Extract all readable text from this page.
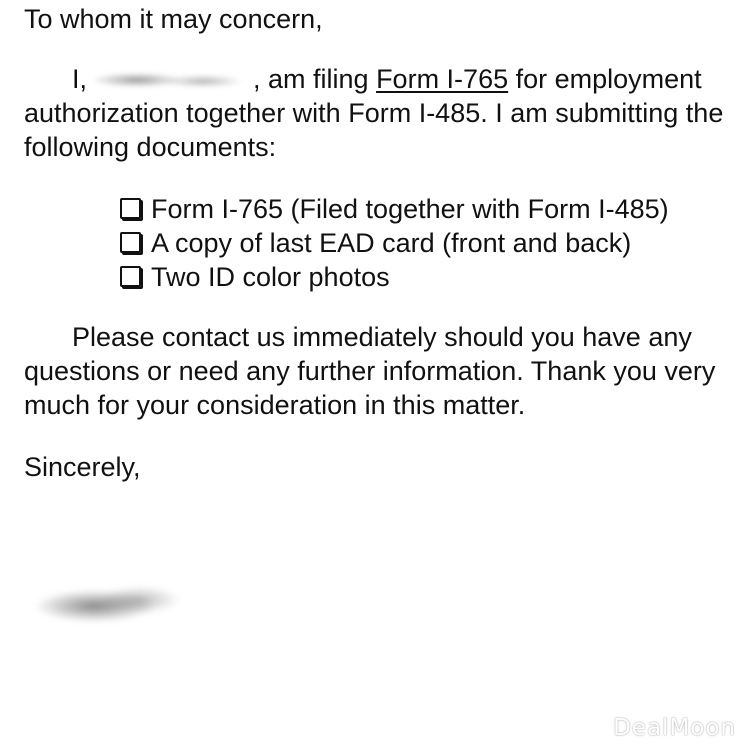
To whom it may concern,

I,	, am filing Form I-765 for employment authorization together with Form I-485. I am submitting the following documents:

Form I-765 (Filed together with Form I-485)
A copy of last EAD card (front and back)
Two ID color photos

Please contact us immediately should you have any questions or need any further information. Thank you very much for your consideration in this matter.

Sincerely,

DealMoon
